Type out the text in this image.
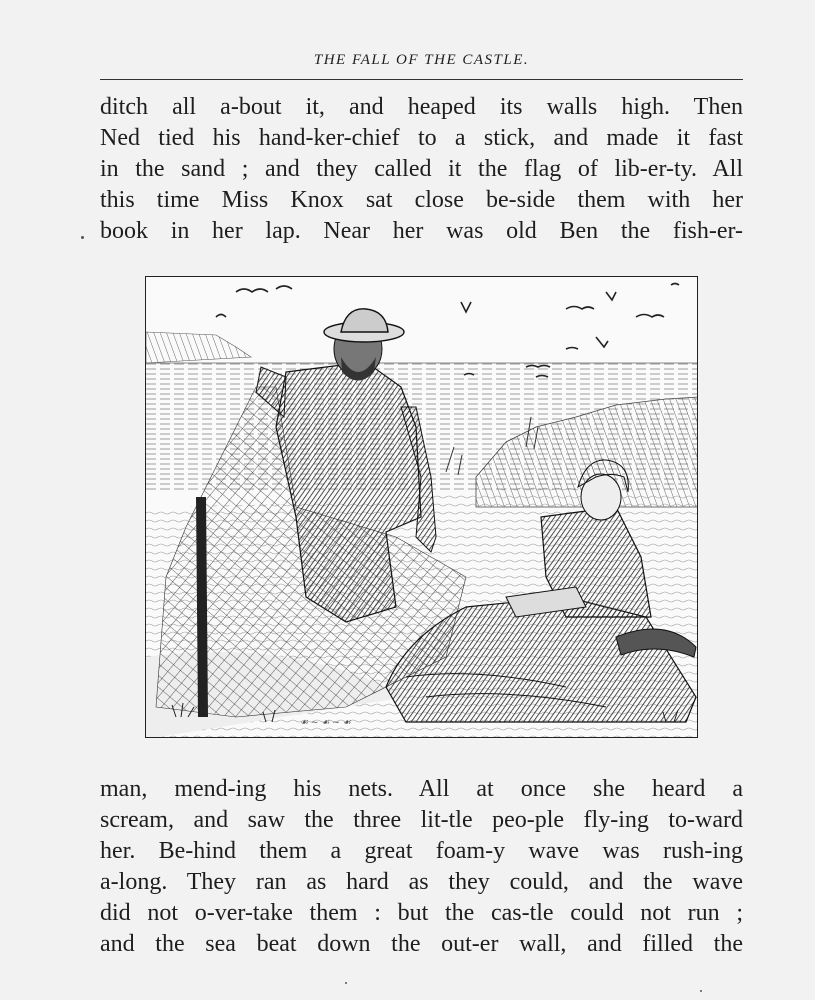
THE FALL OF THE CASTLE.
ditch all a-bout it, and heaped its walls high. Then
Ned tied his hand-ker-chief to a stick, and made it fast
in the sand ; and they called it the flag of lib-er-ty. All
this time Miss Knox sat close be-side them with her
book in her lap. Near her was old Ben the fish-er-
☙ ~ ☙ ~ ☙
man, mend-ing his nets. All at once she heard a
scream, and saw the three lit-tle peo-ple fly-ing to-ward
her. Be-hind them a great foam-y wave was rush-ing
a-long. They ran as hard as they could, and the wave
did not o-ver-take them : but the cas-tle could not run ;
and the sea beat down the out-er wall, and filled the
